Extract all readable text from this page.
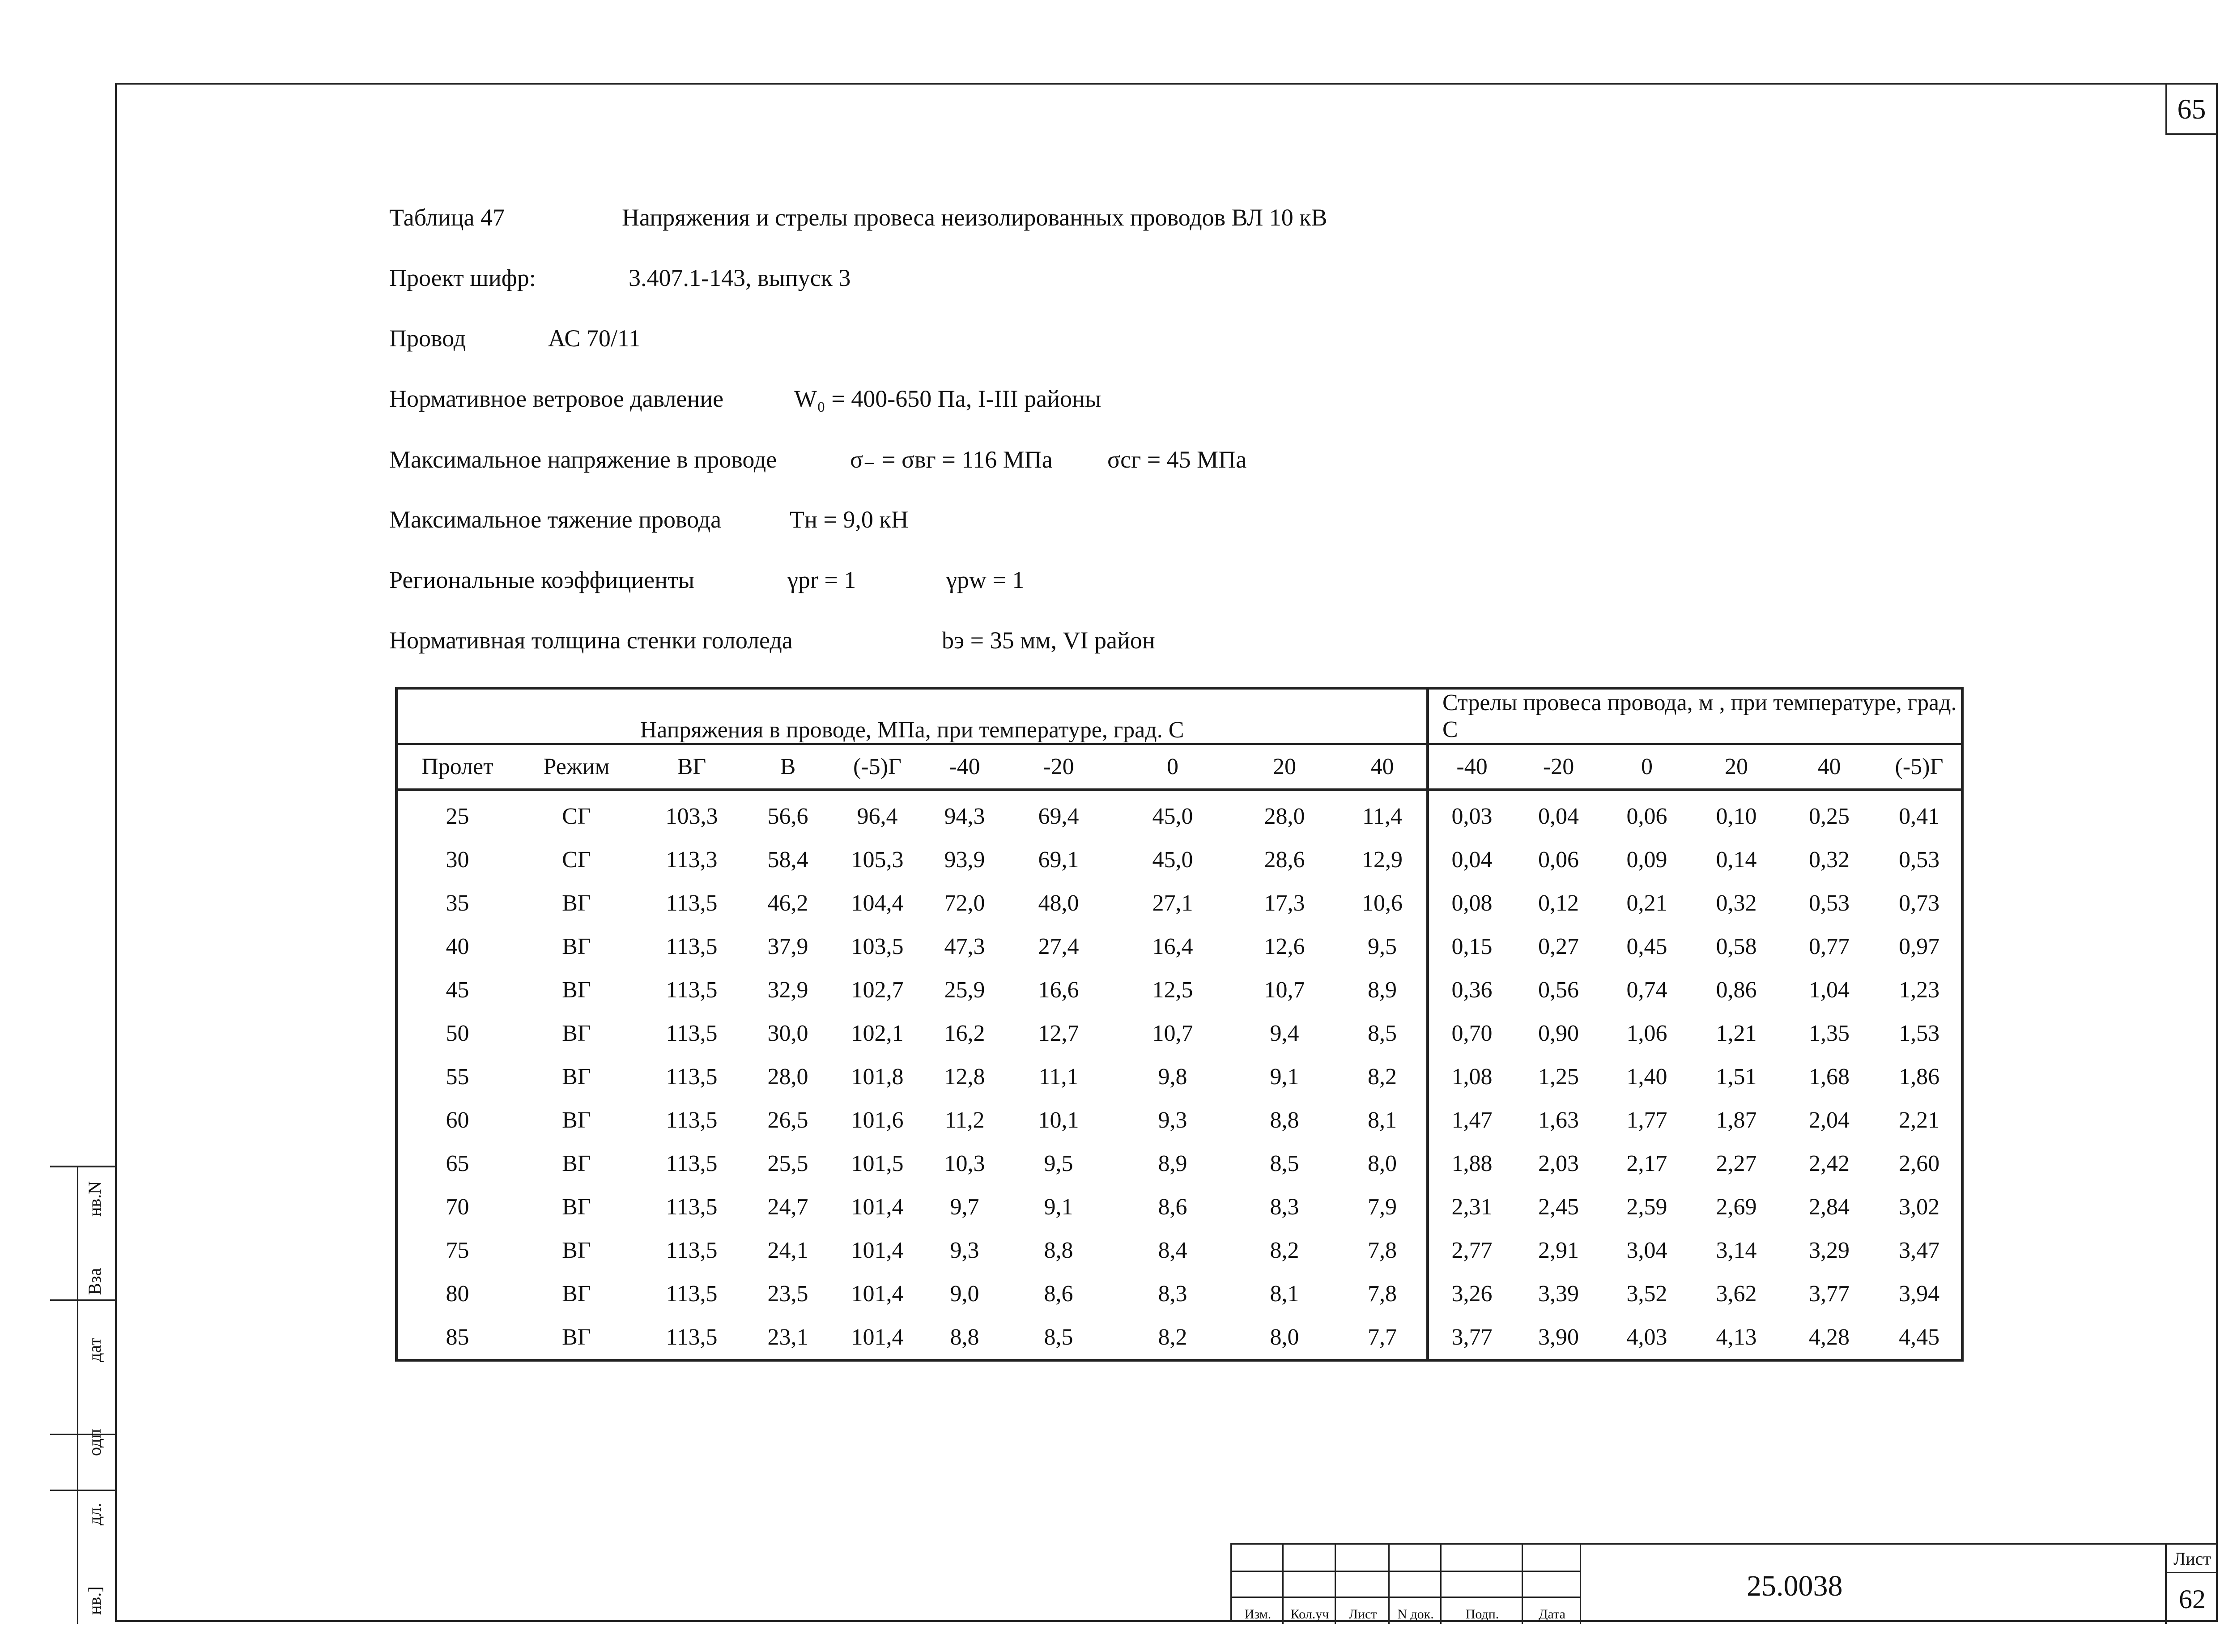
65
Таблица 47	Напряжения и стрелы провеса неизолированных проводов ВЛ 10 кВ
Проект шифр:	3.407.1-143, выпуск 3
Провод	АС 70/11
Нормативное ветровое давление	W₀ = 400-650 Па, I-III районы
Максимальное напряжение в проводе	σ₋ = σвг = 116 МПа σсг = 45 МПа
Максимальное тяжение провода	Tн = 9,0 кН
Региональные коэффициенты	γpr = 1	γpw = 1
Нормативная толщина стенки гололеда	bэ = 35 мм, VI район
Напряжения в проводе, МПа, при температуре, град. С										Стрелы провеса провода, м , при температуре, град. С					
Пролет	Режим	ВГ	В	(-5)Г	-40	-20	0	20	40	-40	-20	0	20	40	(-5)Г
25	СГ	103,3	56,6	96,4	94,3	69,4	45,0	28,0	11,4	0,03	0,04	0,06	0,10	0,25	0,41
30	СГ	113,3	58,4	105,3	93,9	69,1	45,0	28,6	12,9	0,04	0,06	0,09	0,14	0,32	0,53
35	ВГ	113,5	46,2	104,4	72,0	48,0	27,1	17,3	10,6	0,08	0,12	0,21	0,32	0,53	0,73
40	ВГ	113,5	37,9	103,5	47,3	27,4	16,4	12,6	9,5	0,15	0,27	0,45	0,58	0,77	0,97
45	ВГ	113,5	32,9	102,7	25,9	16,6	12,5	10,7	8,9	0,36	0,56	0,74	0,86	1,04	1,23
50	ВГ	113,5	30,0	102,1	16,2	12,7	10,7	9,4	8,5	0,70	0,90	1,06	1,21	1,35	1,53
55	ВГ	113,5	28,0	101,8	12,8	11,1	9,8	9,1	8,2	1,08	1,25	1,40	1,51	1,68	1,86
60	ВГ	113,5	26,5	101,6	11,2	10,1	9,3	8,8	8,1	1,47	1,63	1,77	1,87	2,04	2,21
65	ВГ	113,5	25,5	101,5	10,3	9,5	8,9	8,5	8,0	1,88	2,03	2,17	2,27	2,42	2,60
70	ВГ	113,5	24,7	101,4	9,7	9,1	8,6	8,3	7,9	2,31	2,45	2,59	2,69	2,84	3,02
75	ВГ	113,5	24,1	101,4	9,3	8,8	8,4	8,2	7,8	2,77	2,91	3,04	3,14	3,29	3,47
80	ВГ	113,5	23,5	101,4	9,0	8,6	8,3	8,1	7,8	3,26	3,39	3,52	3,62	3,77	3,94
85	ВГ	113,5	23,1	101,4	8,8	8,5	8,2	8,0	7,7	3,77	3,90	4,03	4,13	4,28	4,45
нв.N
Вза
дат
одп
дл.
нв.]	Изм.	Кол.уч	Лист	N док.	Подп.	Дата
25.0038
Лист
62
